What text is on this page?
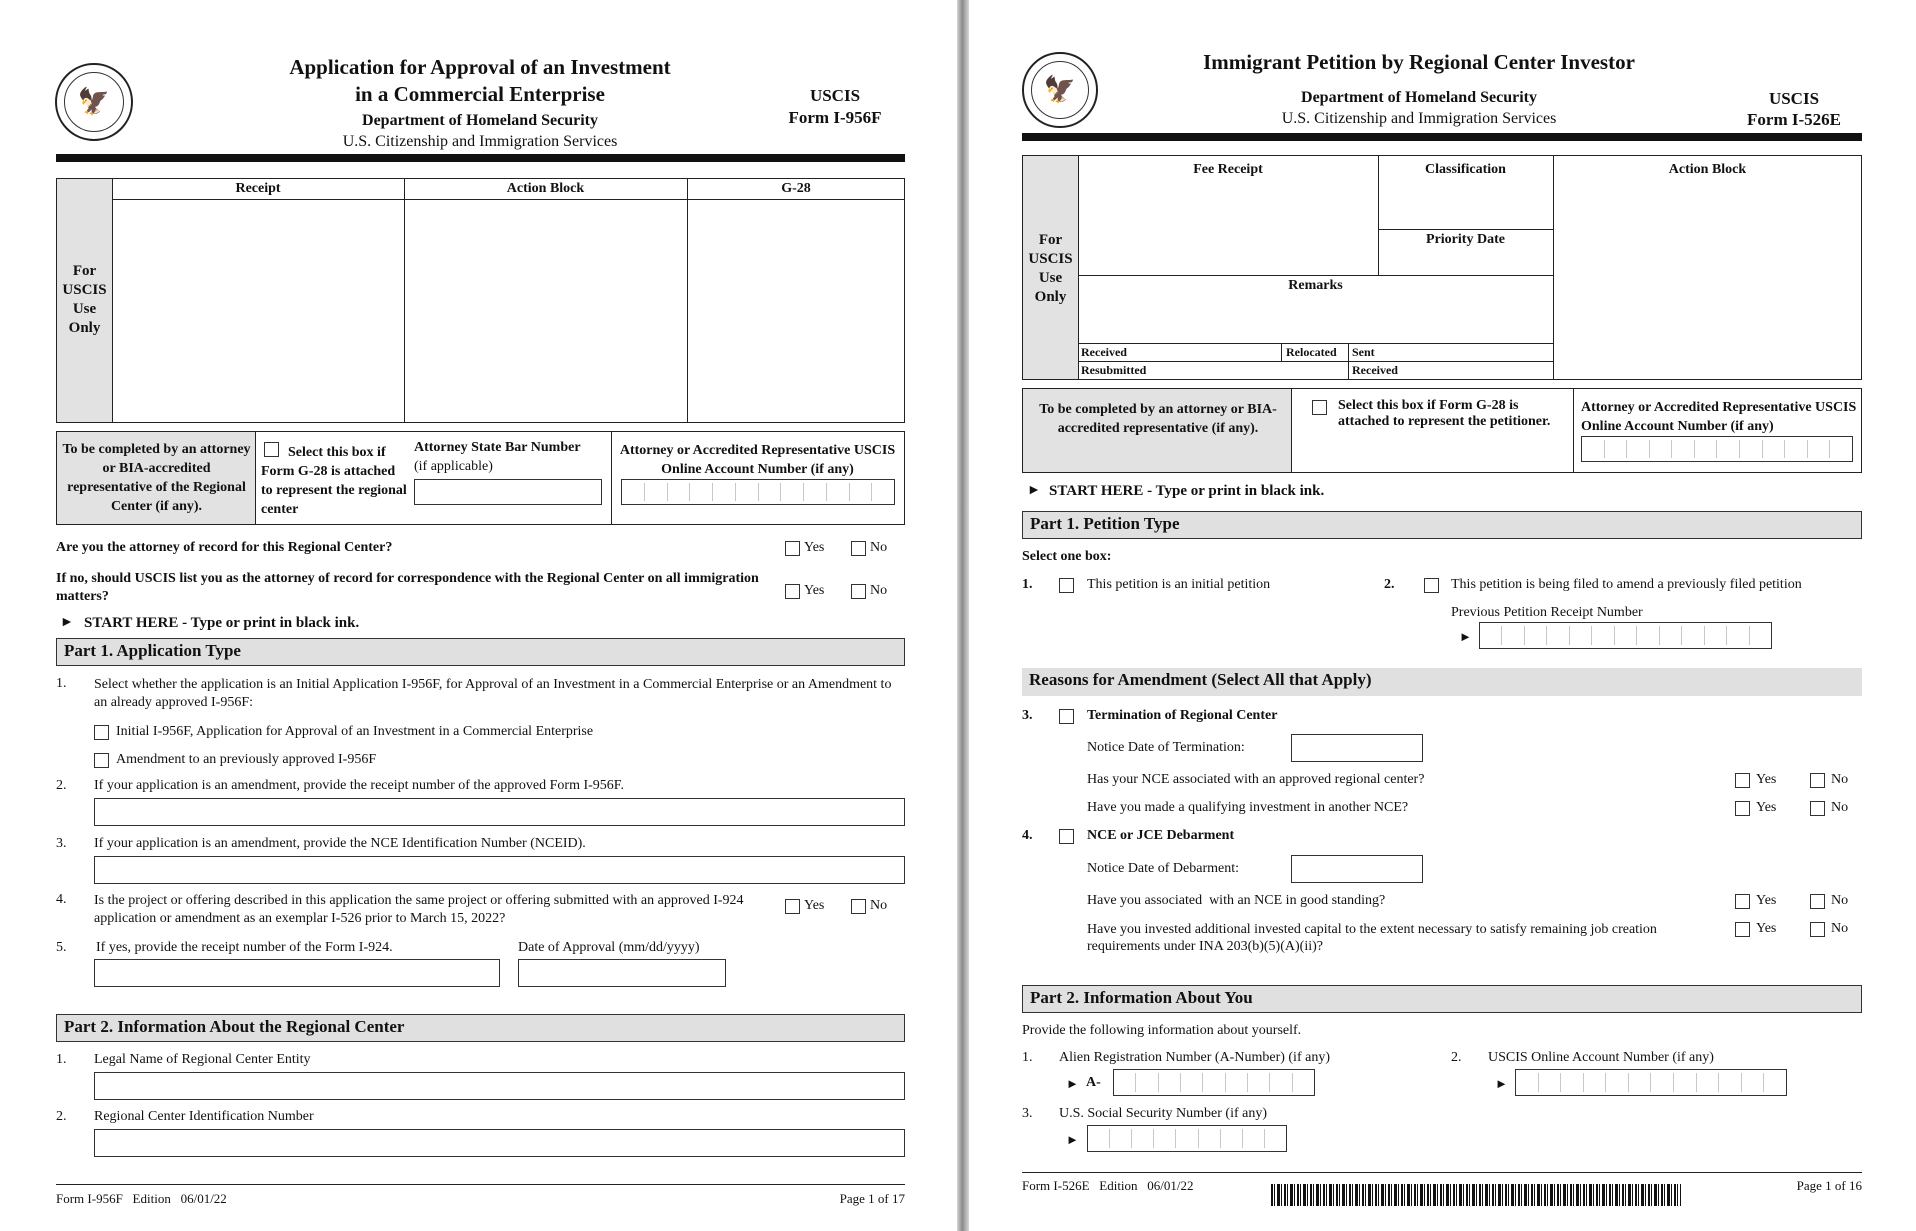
🦅
Application for Approval of an Investment
in a Commercial Enterprise
Department of Homeland Security
U.S. Citizenship and Immigration Services
USCIS
Form I-956F
For USCIS Use Only
Receipt	Action Block	G-28
To be completed by an attorney or BIA-accredited representative of the Regional Center (if any).
Select this box if Form G-28 is attached to represent the regional center
Attorney State Bar Number
(if applicable)
Attorney or Accredited Representative USCIS Online Account Number (if any)
Are you the attorney of record for this Regional Center?	Yes	No
If no, should USCIS list you as the attorney of record for correspondence with the Regional Center on all immigration matters?	Yes	No
► START HERE - Type or print in black ink.
Part 1. Application Type
1. Select whether the application is an Initial Application I-956F, for Approval of an Investment in a Commercial Enterprise or an Amendment to an already approved I-956F:
Initial I-956F, Application for Approval of an Investment in a Commercial Enterprise
Amendment to an previously approved I-956F
2. If your application is an amendment, provide the receipt number of the approved Form I-956F.
3. If your application is an amendment, provide the NCE Identification Number (NCEID).
4. Is the project or offering described in this application the same project or offering submitted with an approved I-924 application or amendment as an exemplar I-526 prior to March 15, 2022?
Yes	No
5. If yes, provide the receipt number of the Form I-924.	Date of Approval (mm/dd/yyyy)
Part 2. Information About the Regional Center
1. Legal Name of Regional Center Entity
2. Regional Center Identification Number
Form I-956F   Edition   06/01/22	Page 1 of 17
🦅
Immigrant Petition by Regional Center Investor
Department of Homeland Security
U.S. Citizenship and Immigration Services
USCIS
Form I-526E
For USCIS Use Only
Fee Receipt	Classification	Action Block
Priority Date
Remarks
Received	Relocated Sent
Resubmitted	Received
To be completed by an attorney or BIA-accredited representative (if any).
Select this box if Form G-28 is attached to represent the petitioner.
Attorney or Accredited Representative USCIS Online Account Number (if any)
► START HERE - Type or print in black ink.
Part 1. Petition Type
Select one box:
1.	This petition is an initial petition	2.	This petition is being filed to amend a previously filed petition
Previous Petition Receipt Number
►
Reasons for Amendment (Select All that Apply)
3.	Termination of Regional Center
Notice Date of Termination:
Has your NCE associated with an approved regional center?	Yes	No
Have you made a qualifying investment in another NCE?	Yes	No
4.	NCE or JCE Debarment
Notice Date of Debarment:
Have you associated  with an NCE in good standing?	Yes	No
Have you invested additional invested capital to the extent necessary to satisfy remaining job creation requirements under INA 203(b)(5)(A)(ii)?
Yes	No
Part 2. Information About You
Provide the following information about yourself.
1. Alien Registration Number (A-Number) (if any)
► A-
2. USCIS Online Account Number (if any)
►
3. U.S. Social Security Number (if any)
►
Form I-526E   Edition   06/01/22	Page 1 of 16
